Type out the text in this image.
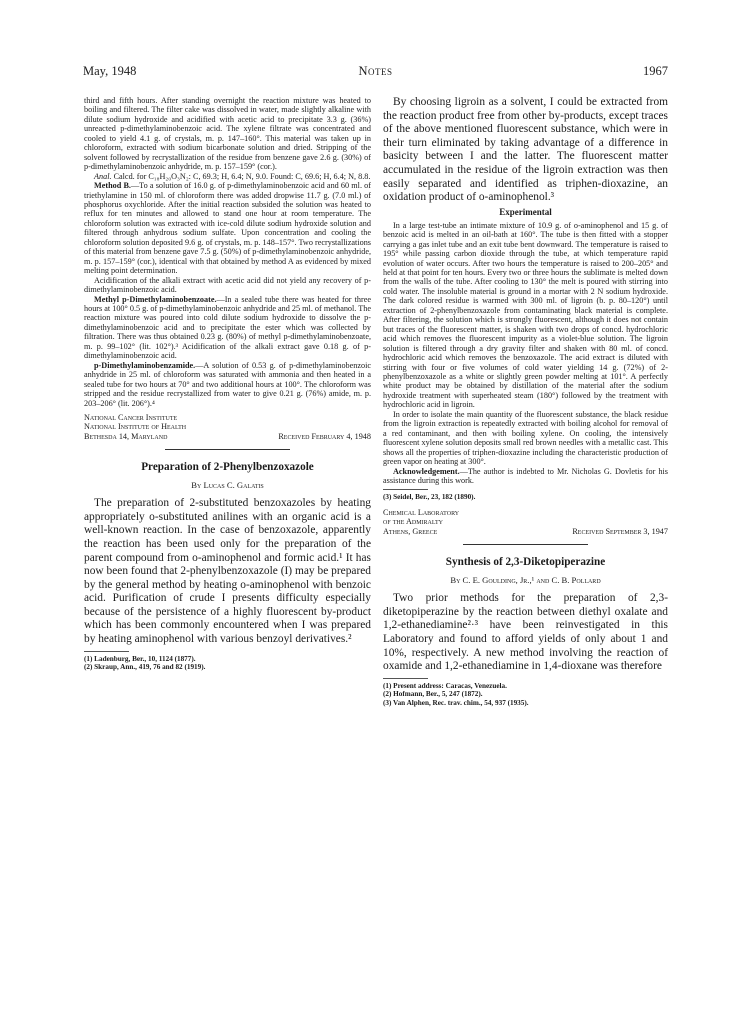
May, 1948	Notes	1967

third and fifth hours. After standing overnight the reaction mixture was heated to boiling and filtered. The filter cake was dissolved in water, made slightly alkaline with dilute sodium hydroxide and acidified with acetic acid to precipitate 3.3 g. (36%) unreacted p-dimethylaminobenzoic acid. The xylene filtrate was concentrated and cooled to yield 4.1 g. of crystals, m. p. 147–160°. This material was taken up in chloroform, extracted with sodium bicarbonate solution and dried. Stripping of the solvent followed by recrystallization of the residue from benzene gave 2.6 g. (30%) of p-dimethylaminobenzoic anhydride, m. p. 157–159° (cor.).

Anal. Calcd. for C₁₈H₂₀O₃N₂: C, 69.3; H, 6.4; N, 9.0. Found: C, 69.6; H, 6.4; N, 8.8.

Method B.—To a solution of 16.0 g. of p-dimethylaminobenzoic acid and 60 ml. of triethylamine in 150 ml. of chloroform there was added dropwise 11.7 g. (7.0 ml.) of phosphorus oxychloride. After the initial reaction subsided the solution was heated to reflux for ten minutes and allowed to stand one hour at room temperature. The chloroform solution was extracted with ice-cold dilute sodium hydroxide solution and filtered through anhydrous sodium sulfate. Upon concentration and cooling the chloroform solution deposited 9.6 g. of crystals, m. p. 148–157°. Two recrystallizations of this material from benzene gave 7.5 g. (50%) of p-dimethylaminobenzoic anhydride, m. p. 157–159° (cor.), identical with that obtained by method A as evidenced by mixed melting point determination.

Acidification of the alkali extract with acetic acid did not yield any recovery of p-dimethylaminobenzoic acid.

Methyl p-Dimethylaminobenzoate.—In a sealed tube there was heated for three hours at 100° 0.5 g. of p-dimethylaminobenzoic anhydride and 25 ml. of methanol. The reaction mixture was poured into cold dilute sodium hydroxide to dissolve the p-dimethylaminobenzoic acid and to precipitate the ester which was collected by filtration. There was thus obtained 0.23 g. (80%) of methyl p-dimethylaminobenzoate, m. p. 99–102° (lit. 102°).³ Acidification of the alkali extract gave 0.18 g. of p-dimethylaminobenzoic acid.

p-Dimethylaminobenzamide.—A solution of 0.53 g. of p-dimethylaminobenzoic anhydride in 25 ml. of chloroform was saturated with ammonia and then heated in a sealed tube for two hours at 70° and two additional hours at 100°. The chloroform was stripped and the residue recrystallized from water to give 0.21 g. (76%) amide, m. p. 203–206° (lit. 206°).⁴

National Cancer Institute
National Institute of Health
Bethesda 14, Maryland	Received February 4, 1948
Preparation of 2-Phenylbenzoxazole
By Lucas C. Galatis

The preparation of 2-substituted benzoxazoles by heating appropriately o-substituted anilines with an organic acid is a well-known reaction. In the case of benzoxazole, apparently the reaction has been used only for the preparation of the parent compound from o-aminophenol and formic acid.¹ It has now been found that 2-phenylbenzoxazole (I) may be prepared by the general method by heating o-aminophenol with benzoic acid. Purification of crude I presents difficulty especially because of the persistence of a highly fluorescent by-product which has been commonly encountered when I was prepared by heating aminophenol with various benzoyl derivatives.²

(1) Ladenburg, Ber., 10, 1124 (1877).
(2) Skraup, Ann., 419, 76 and 82 (1919).

By choosing ligroin as a solvent, I could be extracted from the reaction product free from other by-products, except traces of the above mentioned fluorescent substance, which were in their turn eliminated by taking advantage of a difference in basicity between I and the latter. The fluorescent matter accumulated in the residue of the ligroin extraction was then easily separated and identified as triphen-dioxazine, an oxidation product of o-aminophenol.³

Experimental

In a large test-tube an intimate mixture of 10.9 g. of o-aminophenol and 15 g. of benzoic acid is melted in an oil-bath at 160°. The tube is then fitted with a stopper carrying a gas inlet tube and an exit tube bent downward. The temperature is raised to 195° while passing carbon dioxide through the tube, at which temperature rapid evolution of water occurs. After two hours the temperature is raised to 200–205° and held at that point for ten hours. Every two or three hours the sublimate is melted down from the walls of the tube. After cooling to 130° the melt is poured with stirring into cold water. The insoluble material is ground in a mortar with 2 N sodium hydroxide. The dark colored residue is warmed with 300 ml. of ligroin (b. p. 80–120°) until extraction of 2-phenylbenzoxazole from contaminating black material is complete. After filtering, the solution which is strongly fluorescent, although it does not contain but traces of the fluorescent matter, is shaken with two drops of concd. hydrochloric acid which removes the fluorescent impurity as a violet-blue solution. The ligroin solution is filtered through a dry gravity filter and shaken with 80 ml. of concd. hydrochloric acid which removes the benzoxazole. The acid extract is diluted with stirring with four or five volumes of cold water yielding 14 g. (72%) of 2-phenylbenzoxazole as a white or slightly green powder melting at 101°. A perfectly white product may be obtained by distillation of the material after the sodium hydroxide treatment with superheated steam (180°) followed by the treatment with hydrochloric acid in ligroin.

In order to isolate the main quantity of the fluorescent substance, the black residue from the ligroin extraction is repeatedly extracted with boiling alcohol for removal of a red contaminant, and then with boiling xylene. On cooling, the intensively fluorescent xylene solution deposits small red brown needles with a metallic cast. This shows all the properties of triphen-dioxazine including the characteristic production of green vapor on heating at 300°.

Acknowledgement.—The author is indebted to Mr. Nicholas G. Dovletis for his assistance during this work.

(3) Seidel, Ber., 23, 182 (1890).
Chemical Laboratory
of the Admiralty
Athens, Greece	Received September 3, 1947
Synthesis of 2,3-Diketopiperazine
By C. E. Goulding, Jr.,¹ and C. B. Pollard

Two prior methods for the preparation of 2,3-diketopiperazine by the reaction between diethyl oxalate and 1,2-ethanediamine²·³ have been reinvestigated in this Laboratory and found to afford yields of only about 1 and 10%, respectively. A new method involving the reaction of oxamide and 1,2-ethanediamine in 1,4-dioxane was therefore

(1) Present address: Caracas, Venezuela.
(2) Hofmann, Ber., 5, 247 (1872).
(3) Van Alphen, Rec. trav. chim., 54, 937 (1935).
